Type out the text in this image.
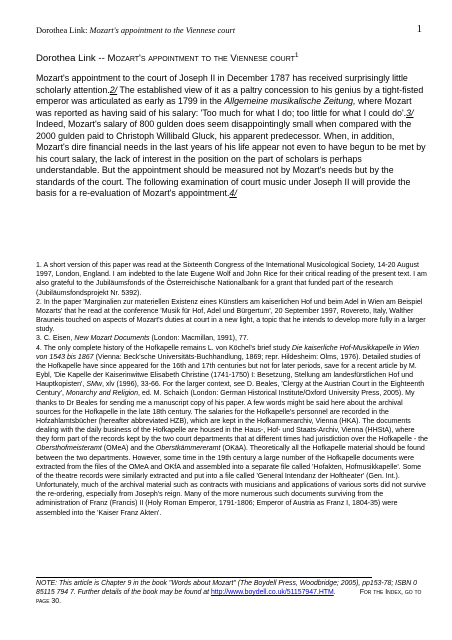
Dorothea Link: Mozart's appointment to the Viennese court	1
Dorothea Link -- Mozart's appointment to the Viennese court$^1$
Mozart's appointment to the court of Joseph II in December 1787 has received surprisingly little scholarly attention.2/ The established view of it as a paltry concession to his genius by a tight-fisted emperor was articulated as early as 1799 in the Allgemeine musikalische Zeitung, where Mozart was reported as having said of his salary: 'Too much for what I do; too little for what I could do'.3/ Indeed, Mozart's salary of 800 gulden does seem disappointingly small when compared with the 2000 gulden paid to Christoph Willibald Gluck, his apparent predecessor. When, in addition, Mozart's dire financial needs in the last years of his life appear not even to have begun to be met by his court salary, the lack of interest in the position on the part of scholars is perhaps understandable. But the appointment should be measured not by Mozart's needs but by the standards of the court. The following examination of court music under Joseph II will provide the basis for a re-evaluation of Mozart's appointment.4/

1. A short version of this paper was read at the Sixteenth Congress of the International Musicological Society, 14-20 August 1997, London, England. I am indebted to the late Eugene Wolf and John Rice for their critical reading of the present text. I am also grateful to the Jubiläumsfonds of the Österreichische Nationalbank for a grant that funded part of the research (Jubiläumsfondsprojekt Nr. 5392).

2. In the paper 'Marginalien zur materiellen Existenz eines Künstlers am kaiserlichen Hof und beim Adel in Wien am Beispiel Mozarts' that he read at the conference 'Musik für Hof, Adel und Bürgertum', 20 September 1997, Rovereto, Italy, Walther Brauneis touched on aspects of Mozart's duties at court in a new light, a topic that he intends to develop more fully in a larger study.

3. C. Eisen, New Mozart Documents (London: Macmillan, 1991), 77.

4. The only complete history of the Hofkapelle remains L. von Köchel's brief study Die kaiserliche Hof-Musikkapelle in Wien von 1543 bis 1867 (Vienna: Beck'sche Universitäts-Buchhandlung, 1869; repr. Hildesheim: Olms, 1976). Detailed studies of the Hofkapelle have since appeared for the 16th and 17th centuries but not for later periods, save for a recent article by M. Eybl, 'Die Kapelle der Kaiserinwitwe Elisabeth Christine (1741-1750) I: Besetzung, Stellung am landesfürstlichen Hof und Hauptkopisten', SMw, xlv (1996), 33-66. For the larger context, see D. Beales, 'Clergy at the Austrian Court in the Eighteenth Century', Monarchy and Religion, ed. M. Schaich (London: German Historical Institute/Oxford University Press, 2005). My thanks to Dr Beales for sending me a manuscript copy of his paper. A few words might be said here about the archival sources for the Hofkapelle in the late 18th century. The salaries for the Hofkapelle's personnel are recorded in the Hofzahlamtsbücher (hereafter abbreviated HZB), which are kept in the Hofkammerarchiv, Vienna (HKA). The documents dealing with the daily business of the Hofkapelle are housed in the Haus-, Hof- und Staats-Archiv, Vienna (HHStA), where they form part of the records kept by the two court departments that at different times had jurisdiction over the Hofkapelle - the Obersthofmeisteramt (OMeA) and the Oberstkämmereramt (OKäA). Theoretically all the Hofkapelle material should be found between the two departments. However, some time in the 19th century a large number of the Hofkapelle documents were extracted from the files of the OMeA and OKfA and assembled into a separate file called 'Hofakten, Hofmusikkapelle'. Some of the theatre records were similarly extracted and put into a file called 'General Intendanz der Hoftheater' (Gen. Int.). Unfortunately, much of the archival material such as contracts with musicians and applications of various sorts did not survive the re-ordering, especially from Joseph's reign. Many of the more numerous such documents surviving from the administration of Franz (Francis) II (Holy Roman Emperor, 1791-1806; Emperor of Austria as Franz I, 1804-35) were assembled into the 'Kaiser Franz Akten'.

NOTE: This article is Chapter 9 in the book "Words about Mozart" (The Boydell Press, Woodbridge; 2005), pp153-78; ISBN 0 85115 794 7. Further details of the book may be found at http://www.boydell.co.uk/51157947.HTM.	For the Index, go to page 30.
